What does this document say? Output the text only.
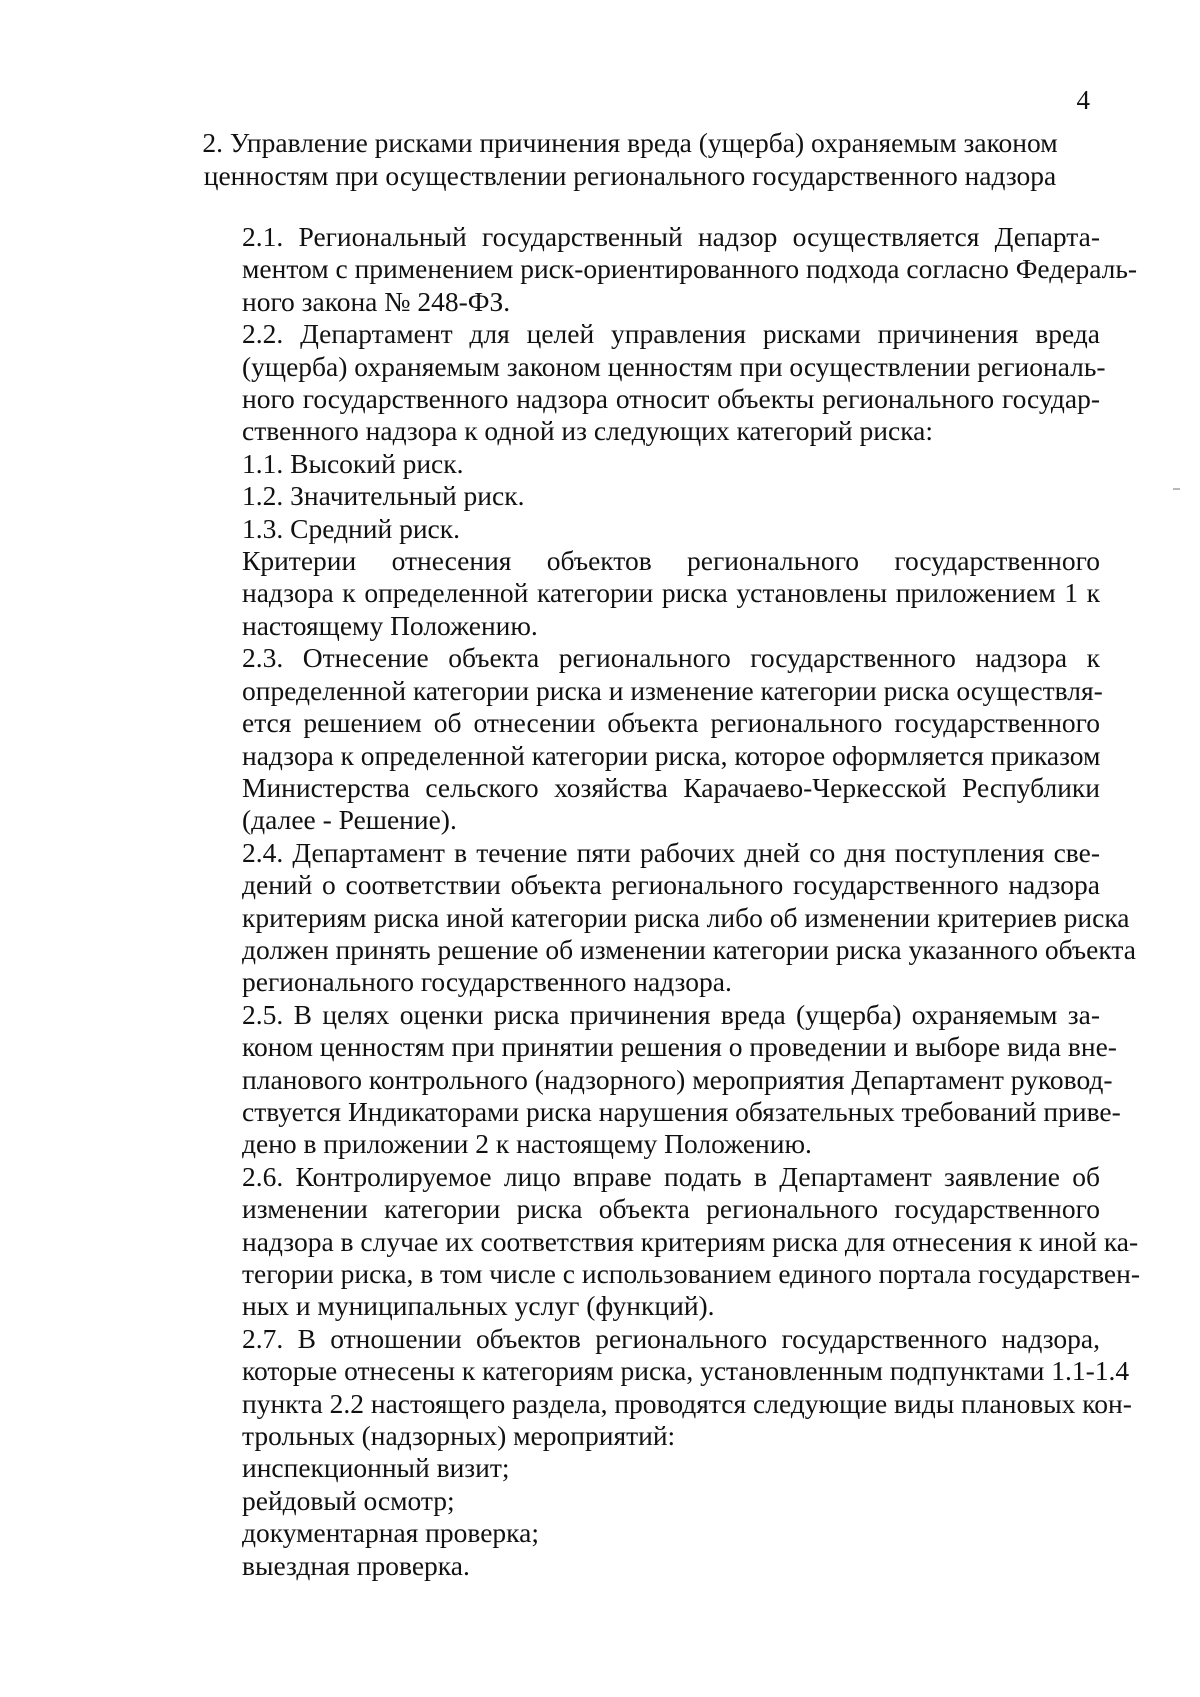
4
2. Управление рисками причинения вреда (ущерба) охраняемым законом ценностям при осуществлении регионального государственного надзора
2.1. Региональный государственный надзор осуществляется Департа-
ментом с применением риск-ориентированного подхода согласно Федераль-
ного закона № 248-ФЗ.
2.2. Департамент для целей управления рисками причинения вреда
(ущерба) охраняемым законом ценностям при осуществлении региональ-
ного государственного надзора относит объекты регионального государ-
ственного надзора к одной из следующих категорий риска:
1.1. Высокий риск.
1.2. Значительный риск.
1.3. Средний риск.
Критерии отнесения объектов регионального государственного
надзора к определенной категории риска установлены приложением 1 к
настоящему Положению.
2.3. Отнесение объекта регионального государственного надзора к
определенной категории риска и изменение категории риска осуществля-
ется решением об отнесении объекта регионального государственного
надзора к определенной категории риска, которое оформляется приказом
Министерства сельского хозяйства Карачаево-Черкесской Республики
(далее - Решение).
2.4. Департамент в течение пяти рабочих дней со дня поступления све-
дений о соответствии объекта регионального государственного надзора
критериям риска иной категории риска либо об изменении критериев риска
должен принять решение об изменении категории риска указанного объекта
регионального государственного надзора.
2.5. В целях оценки риска причинения вреда (ущерба) охраняемым за-
коном ценностям при принятии решения о проведении и выборе вида вне-
планового контрольного (надзорного) мероприятия Департамент руковод-
ствуется Индикаторами риска нарушения обязательных требований приве-
дено в приложении 2 к настоящему Положению.
2.6. Контролируемое лицо вправе подать в Департамент заявление об
изменении категории риска объекта регионального государственного
надзора в случае их соответствия критериям риска для отнесения к иной ка-
тегории риска, в том числе с использованием единого портала государствен-
ных и муниципальных услуг (функций).
2.7. В отношении объектов регионального государственного надзора,
которые отнесены к категориям риска, установленным подпунктами 1.1-1.4
пункта 2.2 настоящего раздела, проводятся следующие виды плановых кон-
трольных (надзорных) мероприятий:
инспекционный визит;
рейдовый осмотр;
документарная проверка;
выездная проверка.
